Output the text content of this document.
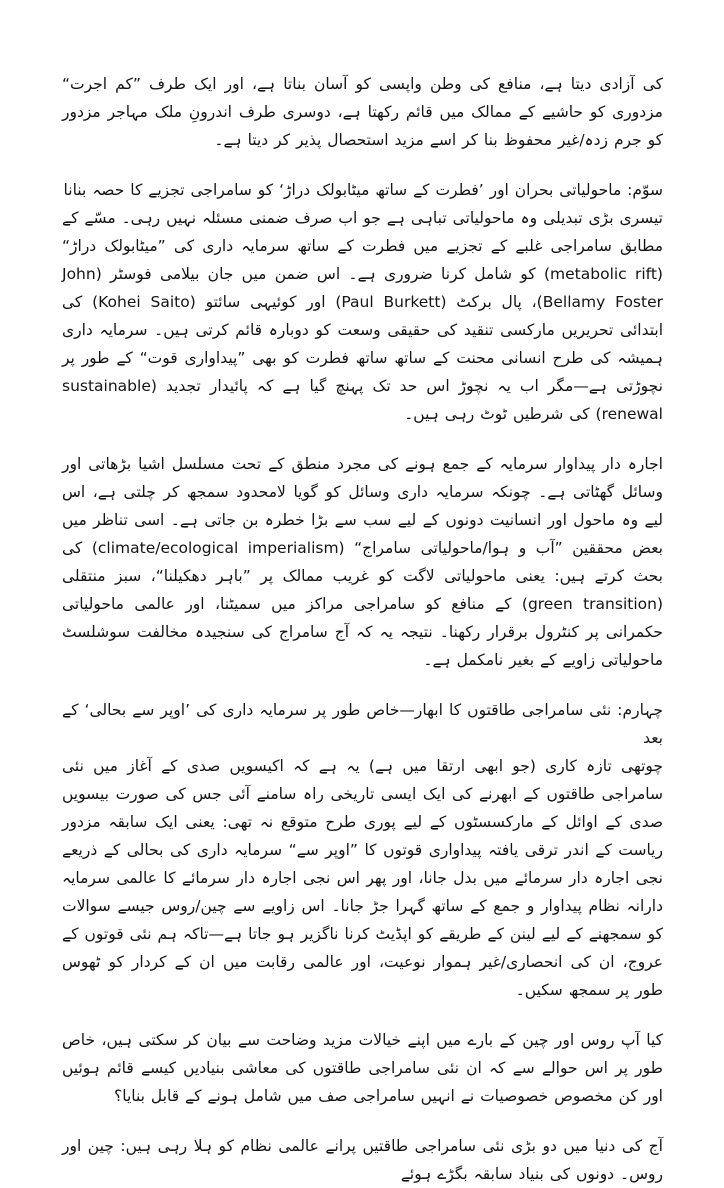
کی آزادی دیتا ہے، منافع کی وطن واپسی کو آسان بناتا ہے، اور ایک طرف ”کم اجرت“ مزدوری کو حاشیے کے ممالک میں قائم رکھتا ہے، دوسری طرف اندرونِ ملک مہاجر مزدور کو جرم زدہ/غیر محفوظ بنا کر اسے مزید استحصال پذیر کر دیتا ہے۔

سوّم: ماحولیاتی بحران اور ’فطرت کے ساتھ میٹابولک دراڑ‘ کو سامراجی تجزیے کا حصہ بنانا

تیسری بڑی تبدیلی وہ ماحولیاتی تباہی ہے جو اب صرف ضمنی مسئلہ نہیں رہی۔ مسّے کے مطابق سامراجی غلبے کے تجزیے میں فطرت کے ساتھ سرمایہ داری کی ”میٹابولک دراڑ“ (metabolic rift) کو شامل کرنا ضروری ہے۔ اس ضمن میں جان بیلامی فوسٹر (John Bellamy Foster)، پال برکٹ (Paul Burkett) اور کوئیہی سائتو (Kohei Saito) کی ابتدائی تحریریں مارکسی تنقید کی حقیقی وسعت کو دوبارہ قائم کرتی ہیں۔ سرمایہ داری ہمیشہ کی طرح انسانی محنت کے ساتھ ساتھ فطرت کو بھی ”پیداواری قوت“ کے طور پر نچوڑتی ہے—مگر اب یہ نچوڑ اس حد تک پہنچ گیا ہے کہ پائیدار تجدید (sustainable renewal) کی شرطیں ٹوٹ رہی ہیں۔

اجارہ دار پیداوار سرمایہ کے جمع ہونے کی مجرد منطق کے تحت مسلسل اشیا بڑھاتی اور وسائل گھٹاتی ہے۔ چونکہ سرمایہ داری وسائل کو گویا لامحدود سمجھ کر چلتی ہے، اس لیے وہ ماحول اور انسانیت دونوں کے لیے سب سے بڑا خطرہ بن جاتی ہے۔ اسی تناظر میں بعض محققین ”آب و ہوا/ماحولیاتی سامراج“ (climate/ecological imperialism) کی بحث کرتے ہیں: یعنی ماحولیاتی لاگت کو غریب ممالک پر ”باہر دھکیلنا“، سبز منتقلی (green transition) کے منافع کو سامراجی مراکز میں سمیٹنا، اور عالمی ماحولیاتی حکمرانی پر کنٹرول برقرار رکھنا۔ نتیجہ یہ کہ آج سامراج کی سنجیدہ مخالفت سوشلسٹ ماحولیاتی زاویے کے بغیر نامکمل ہے۔

چہارم: نئی سامراجی طاقتوں کا ابھار—خاص طور پر سرمایہ داری کی ’اوپر سے بحالی‘ کے بعد

چوتھی تازہ کاری (جو ابھی ارتقا میں ہے) یہ ہے کہ اکیسویں صدی کے آغاز میں نئی سامراجی طاقتوں کے ابھرنے کی ایک ایسی تاریخی راہ سامنے آئی جس کی صورت بیسویں صدی کے اوائل کے مارکسسٹوں کے لیے پوری طرح متوقع نہ تھی: یعنی ایک سابقہ مزدور ریاست کے اندر ترقی یافتہ پیداواری قوتوں کا ”اوپر سے“ سرمایہ داری کی بحالی کے ذریعے نجی اجارہ دار سرمائے میں بدل جانا، اور پھر اس نجی اجارہ دار سرمائے کا عالمی سرمایہ دارانہ نظام پیداوار و جمع کے ساتھ گہرا جڑ جانا۔ اس زاویے سے چین/روس جیسے سوالات کو سمجھنے کے لیے لینن کے طریقے کو اپڈیٹ کرنا ناگزیر ہو جاتا ہے—تاکہ ہم نئی قوتوں کے عروج، ان کی انحصاری/غیر ہموار نوعیت، اور عالمی رقابت میں ان کے کردار کو ٹھوس طور پر سمجھ سکیں۔

کیا آپ روس اور چین کے بارے میں اپنے خیالات مزید وضاحت سے بیان کر سکتی ہیں، خاص طور پر اس حوالے سے کہ ان نئی سامراجی طاقتوں کی معاشی بنیادیں کیسے قائم ہوئیں اور کن مخصوص خصوصیات نے انہیں سامراجی صف میں شامل ہونے کے قابل بنایا؟

آج کی دنیا میں دو بڑی نئی سامراجی طاقتیں پرانے عالمی نظام کو ہلا رہی ہیں: چین اور روس۔ دونوں کی بنیاد سابقہ بگڑے ہوئے
